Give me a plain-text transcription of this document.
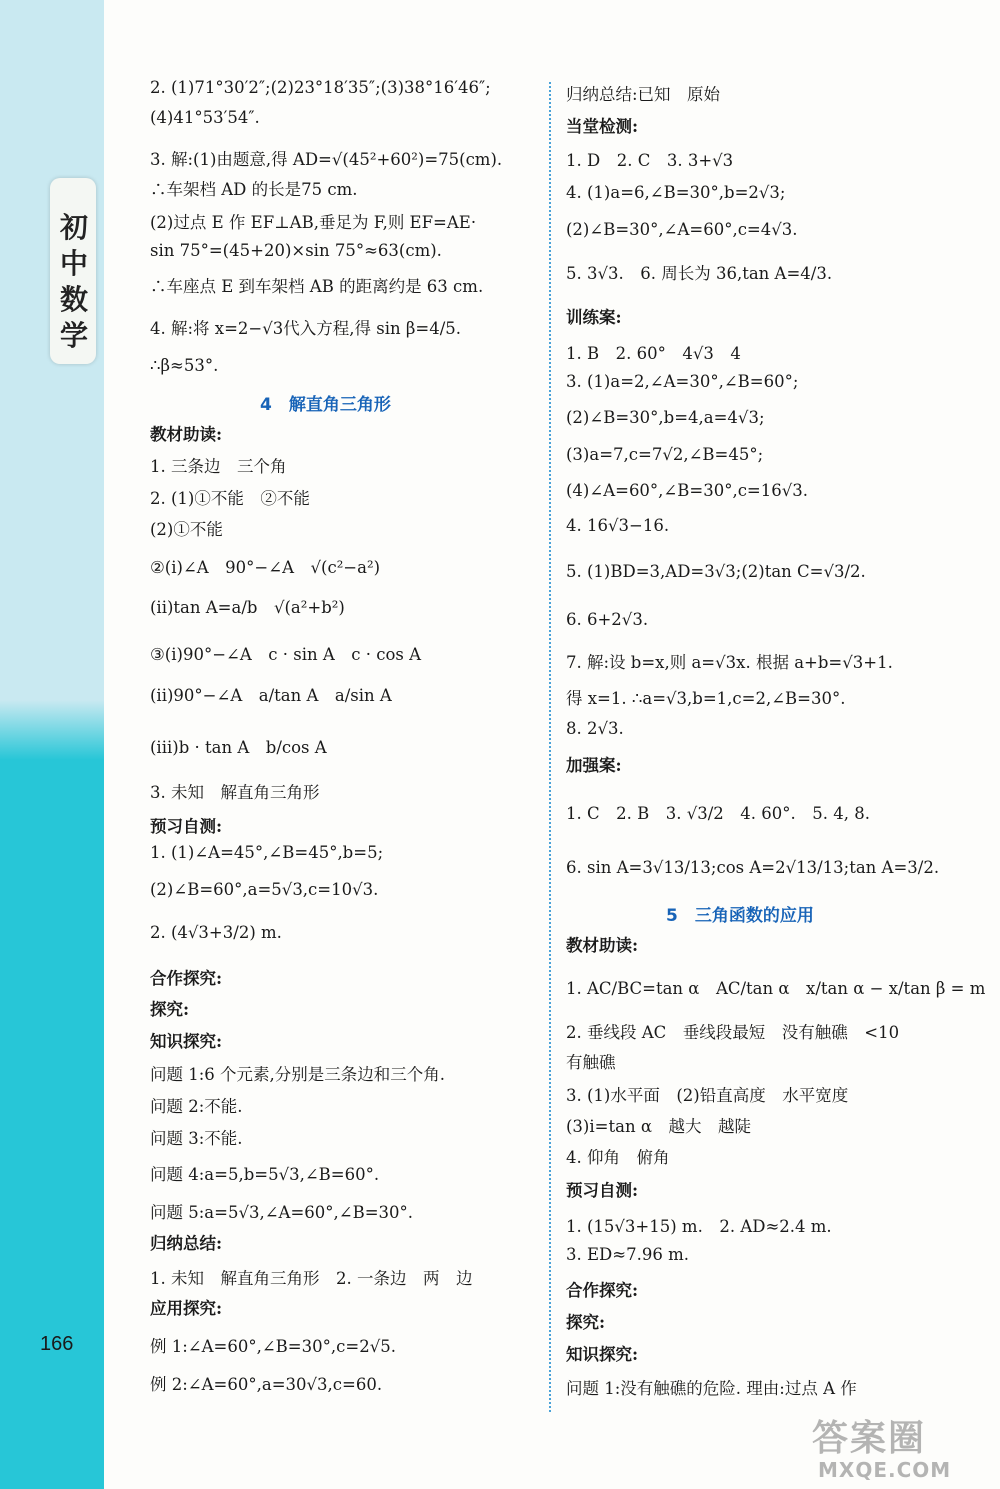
初中数学
2. (1)71°30′2″;(2)23°18′35″;(3)38°16′46″;
(4)41°53′54″.
3. 解:(1)由题意,得 AD=√(45²+60²)=75(cm).
∴车架档 AD 的长是75 cm.
(2)过点 E 作 EF⊥AB,垂足为 F,则 EF=AE·
sin 75°=(45+20)×sin 75°≈63(cm).
∴车座点 E 到车架档 AB 的距离约是 63 cm.
4. 解:将 x=2−√3代入方程,得 sin β=4/5.
∴β≈53°.
4　解直角三角形
教材助读:
1. 三条边　三个角
2. (1)①不能　②不能
(2)①不能
②(i)∠A　90°−∠A　√(c²−a²)
(ii)tan A=a/b　√(a²+b²)
③(i)90°−∠A　c · sin A　c · cos A
(ii)90°−∠A　a/tan A　a/sin A
(iii)b · tan A　b/cos A
3. 未知　解直角三角形
预习自测:
1. (1)∠A=45°,∠B=45°,b=5;
(2)∠B=60°,a=5√3,c=10√3.
2. (4√3+3/2) m.
合作探究:
探究:
知识探究:
问题 1:6 个元素,分别是三条边和三个角.
问题 2:不能.
问题 3:不能.
问题 4:a=5,b=5√3,∠B=60°.
问题 5:a=5√3,∠A=60°,∠B=30°.
归纳总结:
1. 未知　解直角三角形　2. 一条边　两　边
应用探究:
例 1:∠A=60°,∠B=30°,c=2√5.
例 2:∠A=60°,a=30√3,c=60.
归纳总结:已知　原始
当堂检测:
1. D　2. C　3. 3+√3
4. (1)a=6,∠B=30°,b=2√3;
(2)∠B=30°,∠A=60°,c=4√3.
5. 3√3.　6. 周长为 36,tan A=4/3.
训练案:
1. B　2. 60°　4√3　4
3. (1)a=2,∠A=30°,∠B=60°;
(2)∠B=30°,b=4,a=4√3;
(3)a=7,c=7√2,∠B=45°;
(4)∠A=60°,∠B=30°,c=16√3.
4. 16√3−16.
5. (1)BD=3,AD=3√3;(2)tan C=√3/2.
6. 6+2√3.
7. 解:设 b=x,则 a=√3x. 根据 a+b=√3+1.
得 x=1. ∴a=√3,b=1,c=2,∠B=30°.
8. 2√3.
加强案:
1. C　2. B　3. √3/2　4. 60°.　5. 4, 8.
6. sin A=3√13/13;cos A=2√13/13;tan A=3/2.
5　三角函数的应用
教材助读:
1. AC/BC=tan α　AC/tan α　x/tan α − x/tan β = m
2. 垂线段 AC　垂线段最短　没有触礁　<10
有触礁
3. (1)水平面　(2)铅直高度　水平宽度
(3)i=tan α　越大　越陡
4. 仰角　俯角
预习自测:
1. (15√3+15) m.　2. AD≈2.4 m.
3. ED≈7.96 m.
合作探究:
探究:
知识探究:
问题 1:没有触礁的危险. 理由:过点 A 作
166
答案圈
MXQE.COM
